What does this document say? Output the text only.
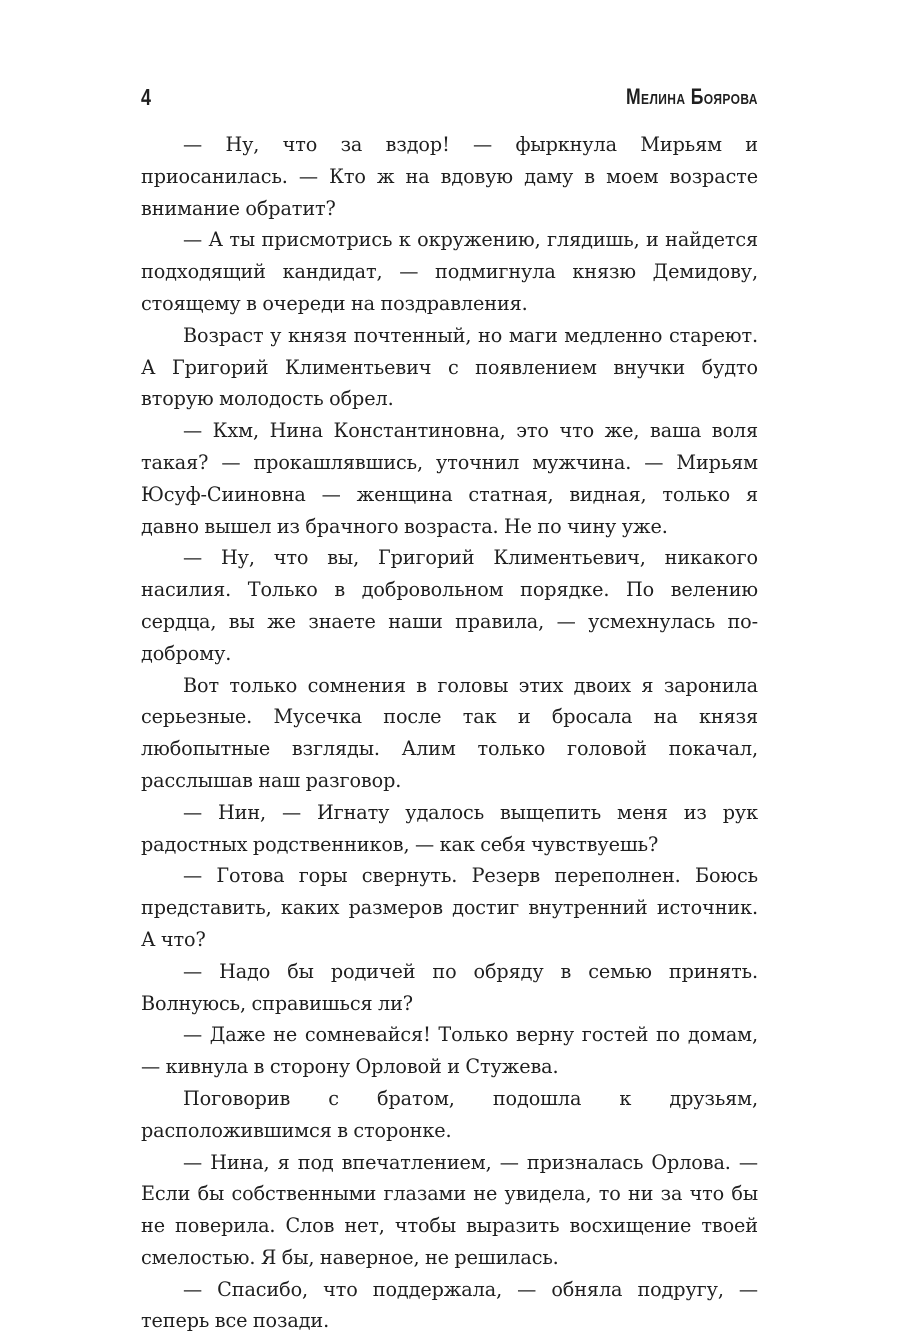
4	Мелина Боярова

— Ну, что за вздор! — фыркнула Мирьям и приосанилась. — Кто ж на вдовую даму в моем возрасте внимание обратит?

— А ты присмотрись к окружению, глядишь, и найдется подходящий кандидат, — подмигнула князю Демидову, стоящему в очереди на поздравления.

Возраст у князя почтенный, но маги медленно стареют. А Григорий Климентьевич с появлением внучки будто вторую молодость обрел.

— Кхм, Нина Константиновна, это что же, ваша воля такая? — прокашлявшись, уточнил мужчина. — Мирьям Юсуф-Сииновна — женщина статная, видная, только я давно вышел из брачного возраста. Не по чину уже.

— Ну, что вы, Григорий Климентьевич, никакого насилия. Только в добровольном порядке. По велению сердца, вы же знаете наши правила, — усмехнулась по-доброму.

Вот только сомнения в головы этих двоих я заронила серьезные. Мусечка после так и бросала на князя любопытные взгляды. Алим только головой покачал, расслышав наш разговор.

— Нин, — Игнату удалось выщепить меня из рук радостных родственников, — как себя чувствуешь?

— Готова горы свернуть. Резерв переполнен. Боюсь представить, каких размеров достиг внутренний источник. А что?

— Надо бы родичей по обряду в семью принять. Волнуюсь, справишься ли?

— Даже не сомневайся! Только верну гостей по домам, — кивнула в сторону Орловой и Стужева.

Поговорив с братом, подошла к друзьям, расположившимся в сторонке.

— Нина, я под впечатлением, — призналась Орлова. — Если бы собственными глазами не увидела, то ни за что бы не поверила. Слов нет, чтобы выразить восхищение твоей смелостью. Я бы, наверное, не решилась.

— Спасибо, что поддержала, — обняла подругу, — теперь все позади.
